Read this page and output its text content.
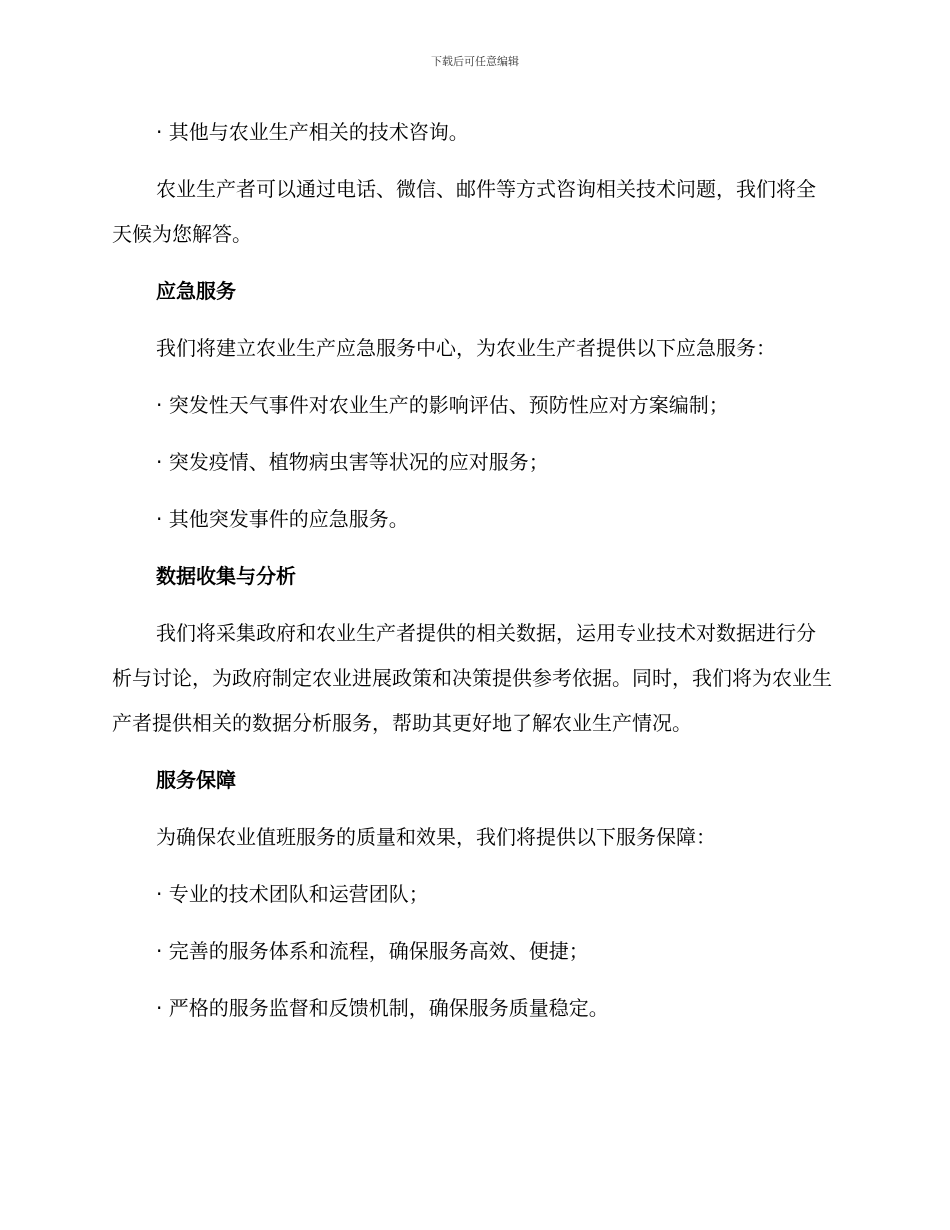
下载后可任意编辑
· 其他与农业生产相关的技术咨询。
农业生产者可以通过电话、微信、邮件等方式咨询相关技术问题，我们将全天候为您解答。
应急服务
我们将建立农业生产应急服务中心，为农业生产者提供以下应急服务：
· 突发性天气事件对农业生产的影响评估、预防性应对方案编制；
· 突发疫情、植物病虫害等状况的应对服务；
· 其他突发事件的应急服务。
数据收集与分析
我们将采集政府和农业生产者提供的相关数据，运用专业技术对数据进行分析与讨论，为政府制定农业进展政策和决策提供参考依据。同时，我们将为农业生产者提供相关的数据分析服务，帮助其更好地了解农业生产情况。
服务保障
为确保农业值班服务的质量和效果，我们将提供以下服务保障：
· 专业的技术团队和运营团队；
· 完善的服务体系和流程，确保服务高效、便捷；
· 严格的服务监督和反馈机制，确保服务质量稳定。
